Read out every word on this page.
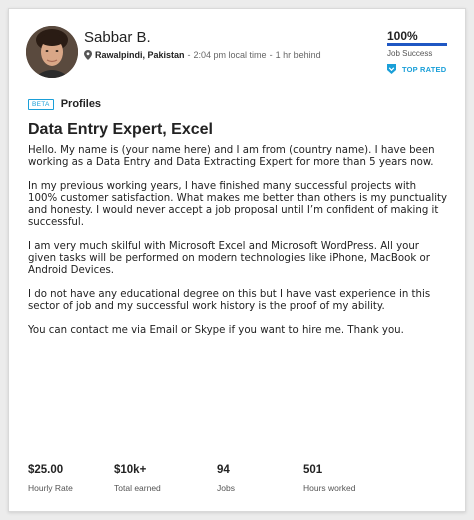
Sabbar B.
Rawalpindi, Pakistan - 2:04 pm local time - 1 hr behind
100%
Job Success
TOP RATED
BETA	Profiles
Data Entry Expert, Excel

Hello. My name is (your name here) and I am from (country name). I have been working as a Data Entry and Data Extracting Expert for more than 5 years now.

In my previous working years, I have finished many successful projects with 100% customer satisfaction. What makes me better than others is my punctuality and honesty. I would never accept a job proposal until I’m confident of making it successful.

I am very much skilful with Microsoft Excel and Microsoft WordPress. All your given tasks will be performed on modern technologies like iPhone, MacBook or Android Devices.

I do not have any educational degree on this but I have vast experience in this sector of job and my successful work history is the proof of my ability.

You can contact me via Email or Skype if you want to hire me. Thank you.

$25.00
Hourly Rate
$10k+
Total earned
94
Jobs
501
Hours worked
